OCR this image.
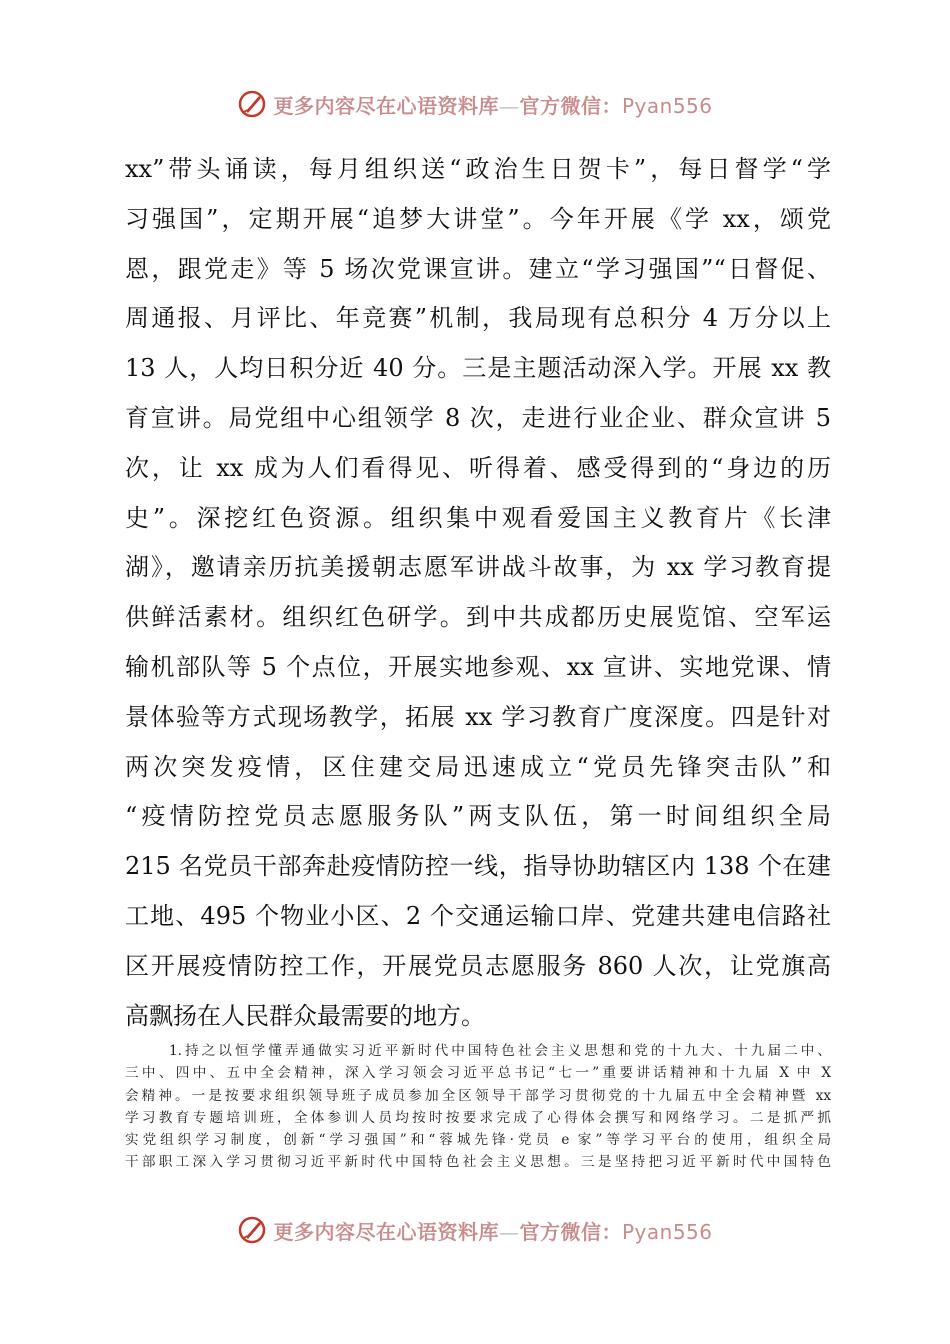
更多内容尽在心语资料库—官方微信：Pyan556
xx”带头诵读，每月组织送“政治生日贺卡”，每日督学“学
习强国”，定期开展“追梦大讲堂”。今年开展《学 xx，颂党
恩，跟党走》等 5 场次党课宣讲。建立“学习强国”“日督促、
周通报、月评比、年竞赛”机制，我局现有总积分 4 万分以上
13 人，人均日积分近 40 分。三是主题活动深入学。开展 xx 教
育宣讲。局党组中心组领学 8 次，走进行业企业、群众宣讲 5
次，让 xx 成为人们看得见、听得着、感受得到的“身边的历
史”。深挖红色资源。组织集中观看爱国主义教育片《长津
湖》，邀请亲历抗美援朝志愿军讲战斗故事，为 xx 学习教育提
供鲜活素材。组织红色研学。到中共成都历史展览馆、空军运
输机部队等 5 个点位，开展实地参观、xx 宣讲、实地党课、情
景体验等方式现场教学，拓展 xx 学习教育广度深度。四是针对
两次突发疫情，区住建交局迅速成立“党员先锋突击队”和
“疫情防控党员志愿服务队”两支队伍，第一时间组织全局
215 名党员干部奔赴疫情防控一线，指导协助辖区内 138 个在建
工地、495 个物业小区、2 个交通运输口岸、党建共建电信路社
区开展疫情防控工作，开展党员志愿服务 860 人次，让党旗高
高飘扬在人民群众最需要的地方。
1.持之以恒学懂弄通做实习近平新时代中国特色社会主义思想和党的十九大、十九届二中、
三中、四中、五中全会精神，深入学习领会习近平总书记“七一”重要讲话精神和十九届 X 中 X
会精神。一是按要求组织领导班子成员参加全区领导干部学习贯彻党的十九届五中全会精神暨 xx
学习教育专题培训班，全体参训人员均按时按要求完成了心得体会撰写和网络学习。二是抓严抓
实党组织学习制度，创新“学习强国”和“蓉城先锋·党员 e 家”等学习平台的使用，组织全局
干部职工深入学习贯彻习近平新时代中国特色社会主义思想。三是坚持把习近平新时代中国特色
更多内容尽在心语资料库—官方微信：Pyan556
